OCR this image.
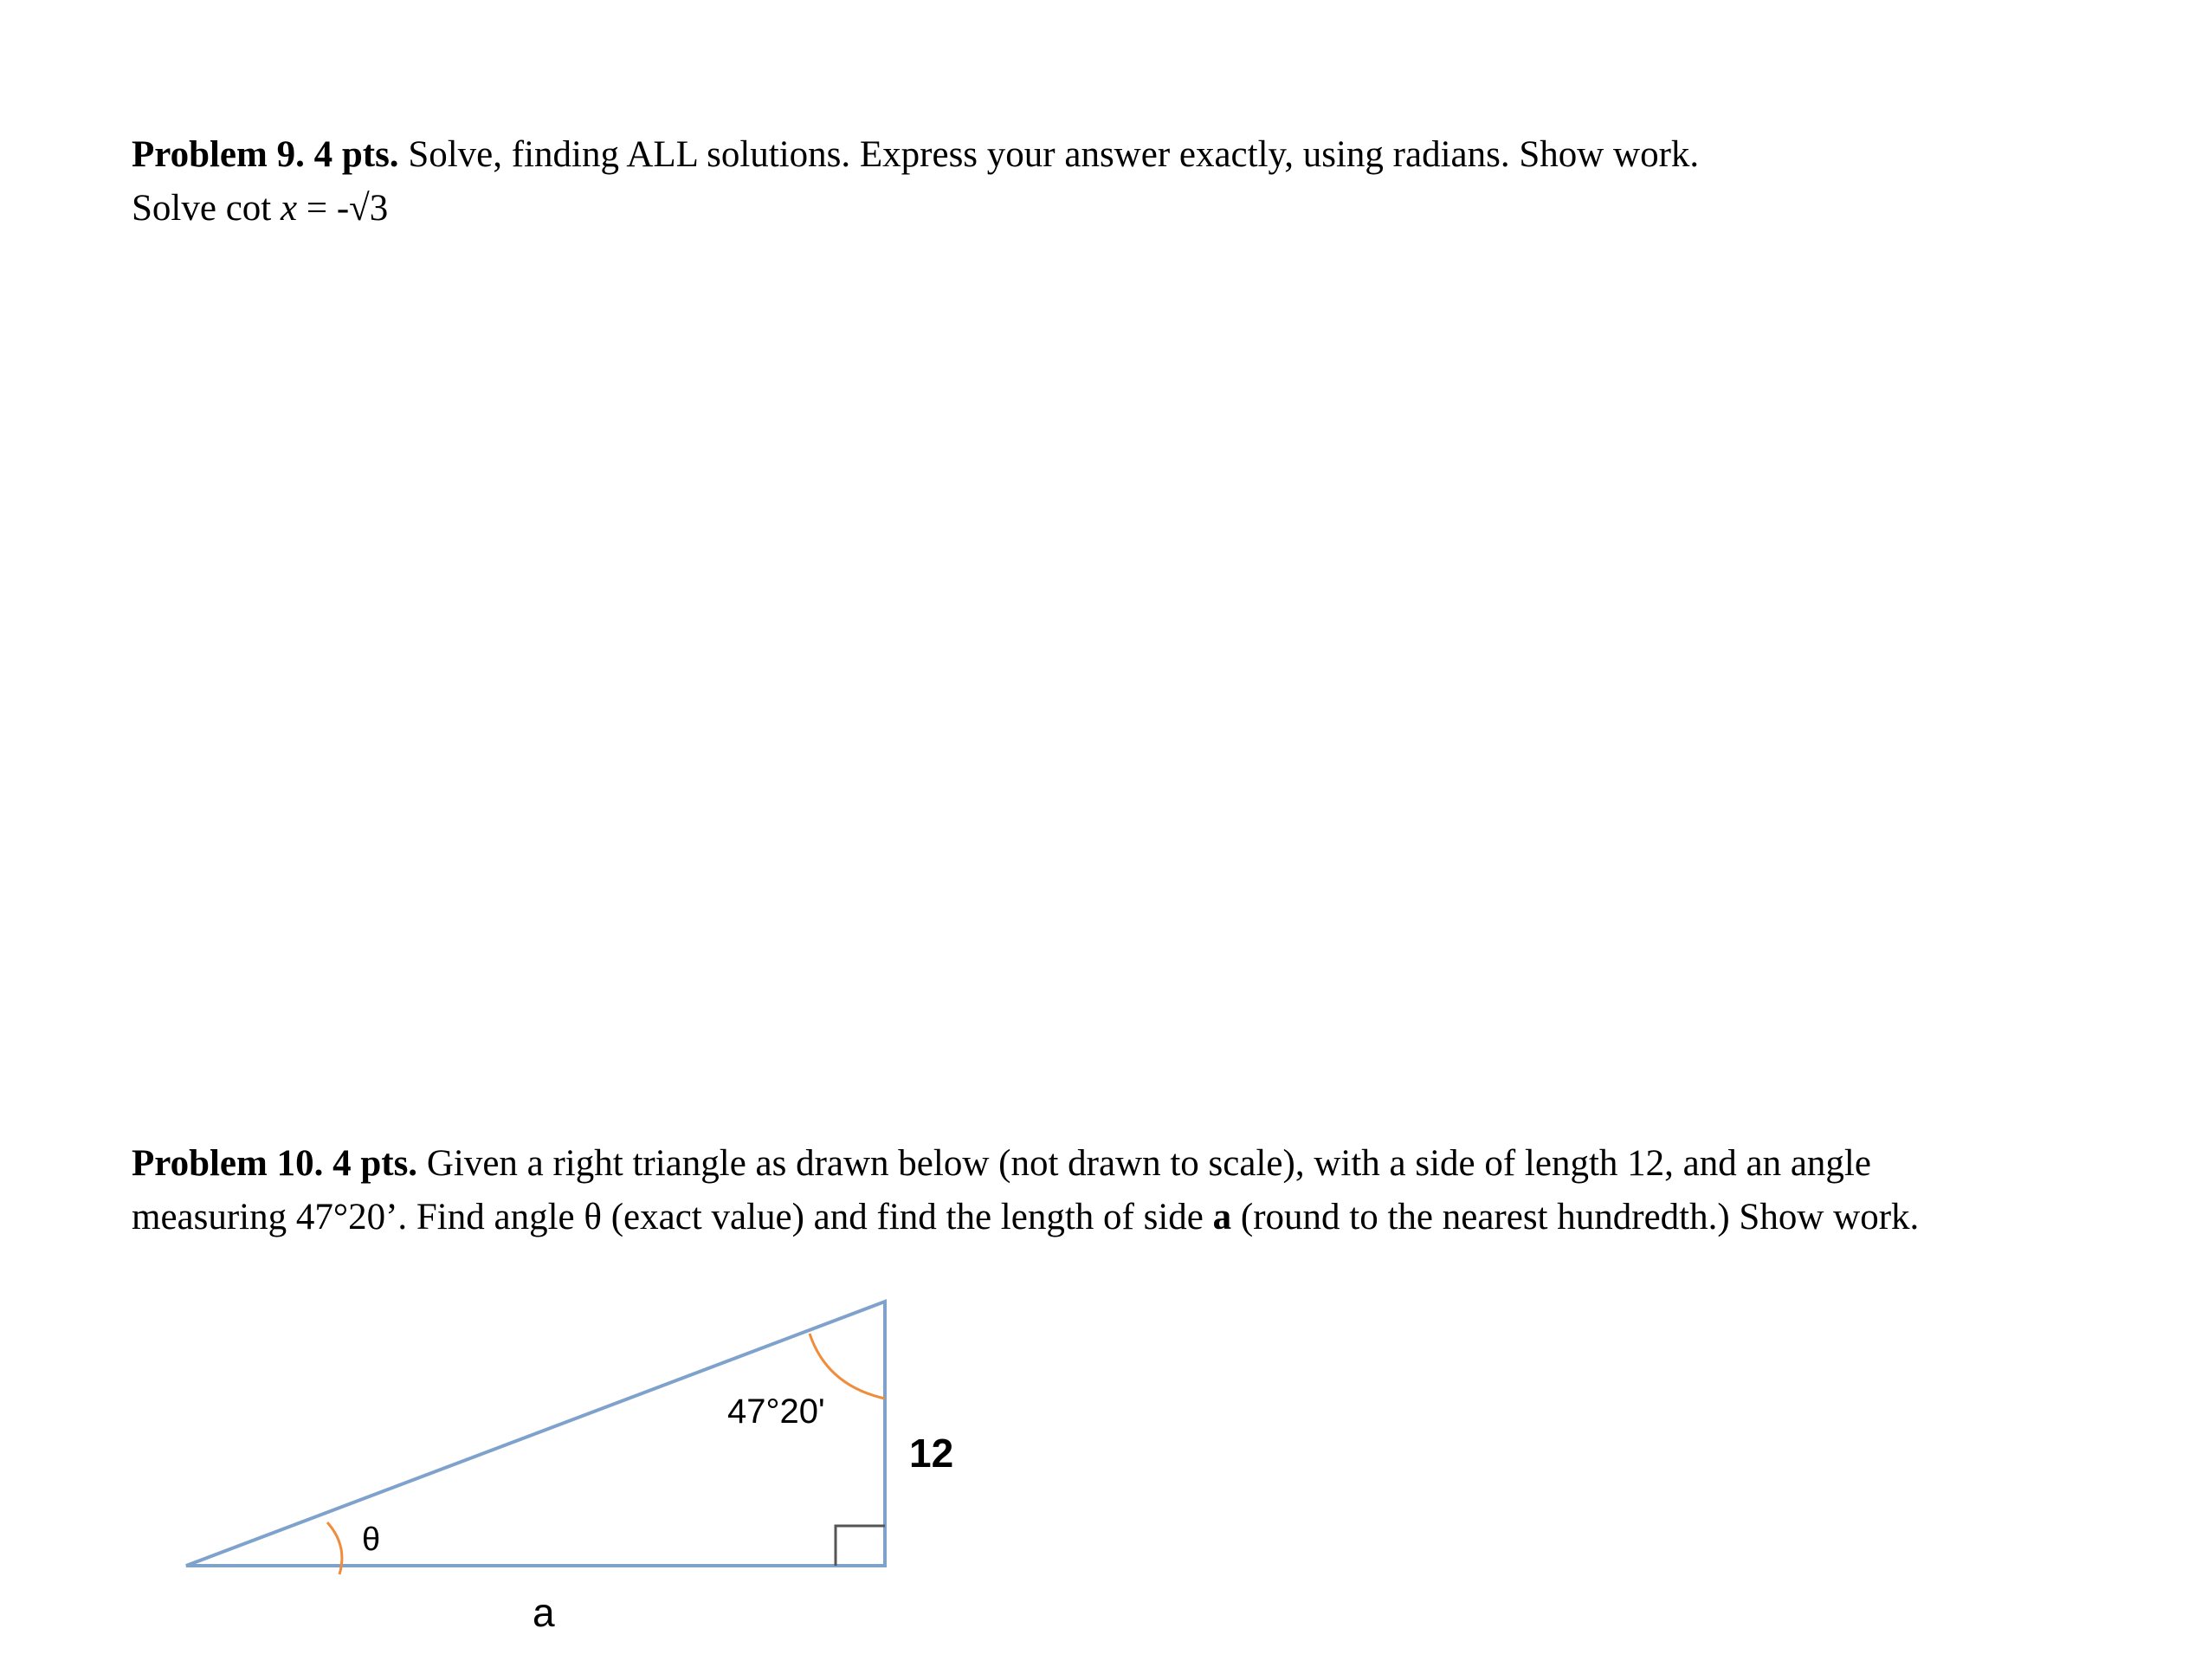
Problem 9. 4 pts. Solve, finding ALL solutions. Express your answer exactly, using radians. Show work.
Solve cot x = -√3
Problem 10. 4 pts. Given a right triangle as drawn below (not drawn to scale), with a side of length 12, and an angle
measuring 47°20’. Find angle θ (exact value) and find the length of side a (round to the nearest hundredth.) Show work.
47°20'
12
θ
a
